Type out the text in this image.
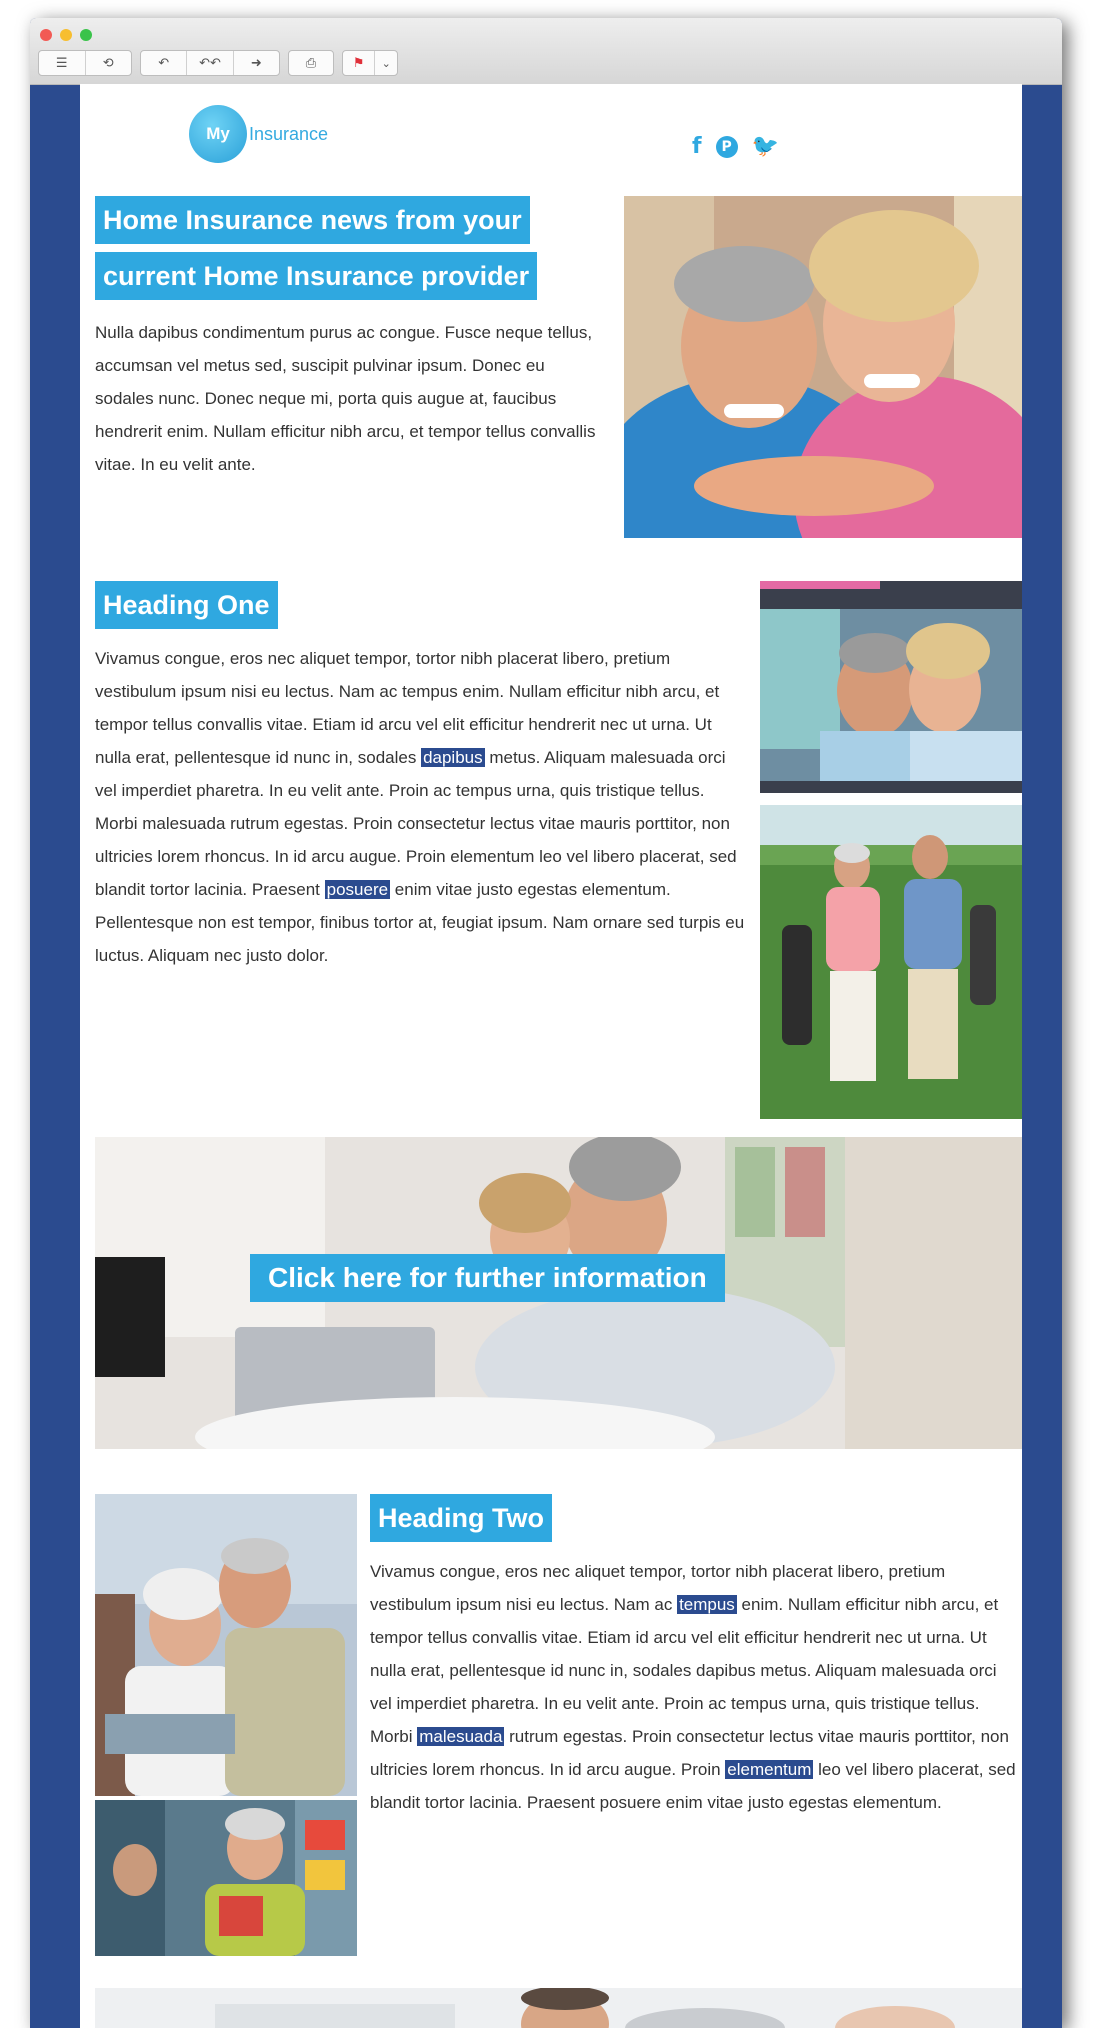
☰	⟲	↶	↶↶	➜	⎙	⚑	⌄
My	Insurance
f	P 🐦
Home Insurance news from your current Home Insurance provider

Nulla dapibus condimentum purus ac congue. Fusce neque tellus, accumsan vel metus sed, suscipit pulvinar ipsum. Donec eu sodales nunc. Donec neque mi, porta quis augue at, faucibus hendrerit enim. Nullam efficitur nibh arcu, et tempor tellus convallis vitae. In eu velit ante.

Heading One

Vivamus congue, eros nec aliquet tempor, tortor nibh placerat libero, pretium vestibulum ipsum nisi eu lectus. Nam ac tempus enim. Nullam efficitur nibh arcu, et tempor tellus convallis vitae. Etiam id arcu vel elit efficitur hendrerit nec ut urna. Ut nulla erat, pellentesque id nunc in, sodales dapibus metus. Aliquam malesuada orci vel imperdiet pharetra. In eu velit ante. Proin ac tempus urna, quis tristique tellus. Morbi malesuada rutrum egestas. Proin consectetur lectus vitae mauris porttitor, non ultricies lorem rhoncus. In id arcu augue. Proin elementum leo vel libero placerat, sed blandit tortor lacinia. Praesent posuere enim vitae justo egestas elementum. Pellentesque non est tempor, finibus tortor at, feugiat ipsum. Nam ornare sed turpis eu luctus. Aliquam nec justo dolor.

Click here for further information
Heading Two

Vivamus congue, eros nec aliquet tempor, tortor nibh placerat libero, pretium vestibulum ipsum nisi eu lectus. Nam ac tempus enim. Nullam efficitur nibh arcu, et tempor tellus convallis vitae. Etiam id arcu vel elit efficitur hendrerit nec ut urna. Ut nulla erat, pellentesque id nunc in, sodales dapibus metus. Aliquam malesuada orci vel imperdiet pharetra. In eu velit ante. Proin ac tempus urna, quis tristique tellus. Morbi malesuada rutrum egestas. Proin consectetur lectus vitae mauris porttitor, non ultricies lorem rhoncus. In id arcu augue. Proin elementum leo vel libero placerat, sed blandit tortor lacinia. Praesent posuere enim vitae justo egestas elementum.
